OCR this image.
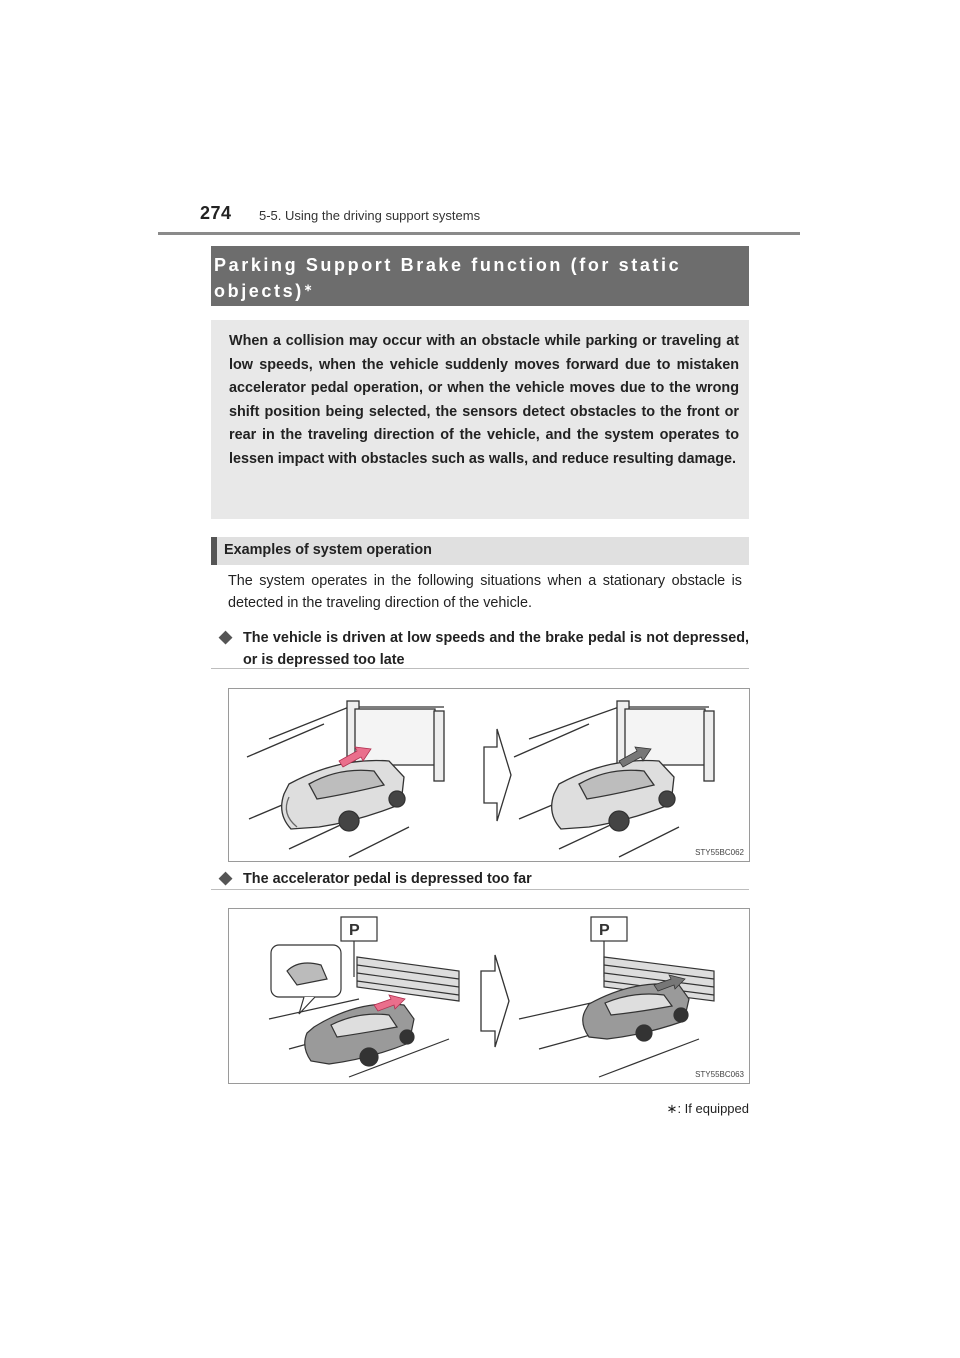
274 5-5. Using the driving support systems
Parking Support Brake function (for static objects)∗
When a collision may occur with an obstacle while parking or traveling at low speeds, when the vehicle suddenly moves forward due to mistaken accelerator pedal operation, or when the vehicle moves due to the wrong shift position being selected, the sensors detect obstacles to the front or rear in the traveling direction of the vehicle, and the system operates to lessen impact with obstacles such as walls, and reduce resulting damage.
Examples of system operation
The system operates in the following situations when a stationary obstacle is detected in the traveling direction of the vehicle.
◆ The vehicle is driven at low speeds and the brake pedal is not depressed, or is depressed too late
STY55BC062
◆ The accelerator pedal is depressed too far
P	P
STY55BC063
∗: If equipped
